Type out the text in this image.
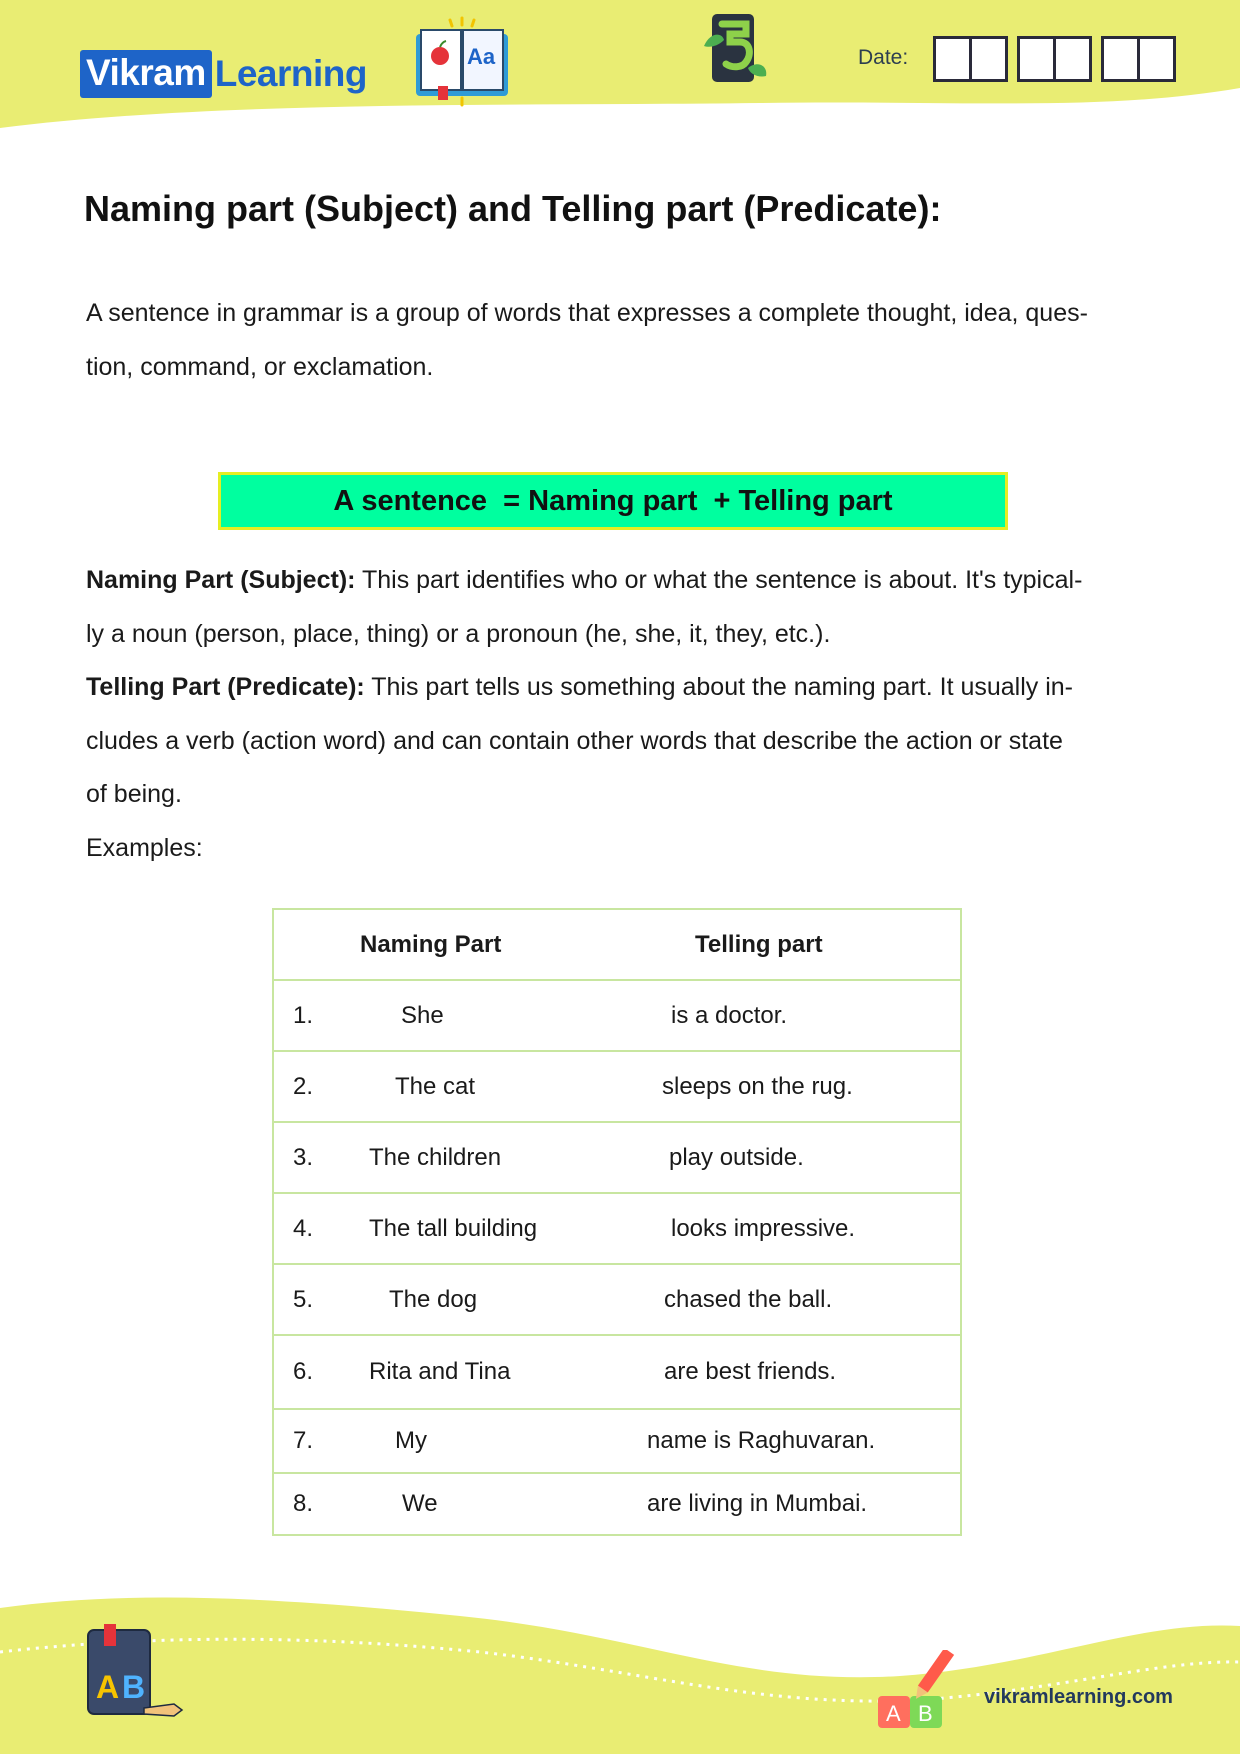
Vikram Learning	Aa	Date:
Naming part (Subject) and Telling part (Predicate):
A sentence in grammar is a group of words that expresses a complete thought, idea, ques-
tion, command, or exclamation.
A sentence  = Naming part  + Telling part
Naming Part (Subject): This part identifies who or what the sentence is about. It's typical-
ly a noun (person, place, thing) or a pronoun (he, she, it, they, etc.).
Telling Part (Predicate): This part tells us something about the naming part. It usually in-
cludes a verb (action word) and can contain other words that describe the action or state
of being.
Examples:
Naming Part	Telling part
1.	She	is a doctor.
2.	The cat	sleeps on the rug.
3. The children	play outside.
4. The tall building	looks impressive.
5.	The dog	chased the ball.
6. Rita and Tina	are best friends.
7.	My	name is Raghuvaran.
8.	We	are living in Mumbai.
A B
A B
vikramlearning.com
